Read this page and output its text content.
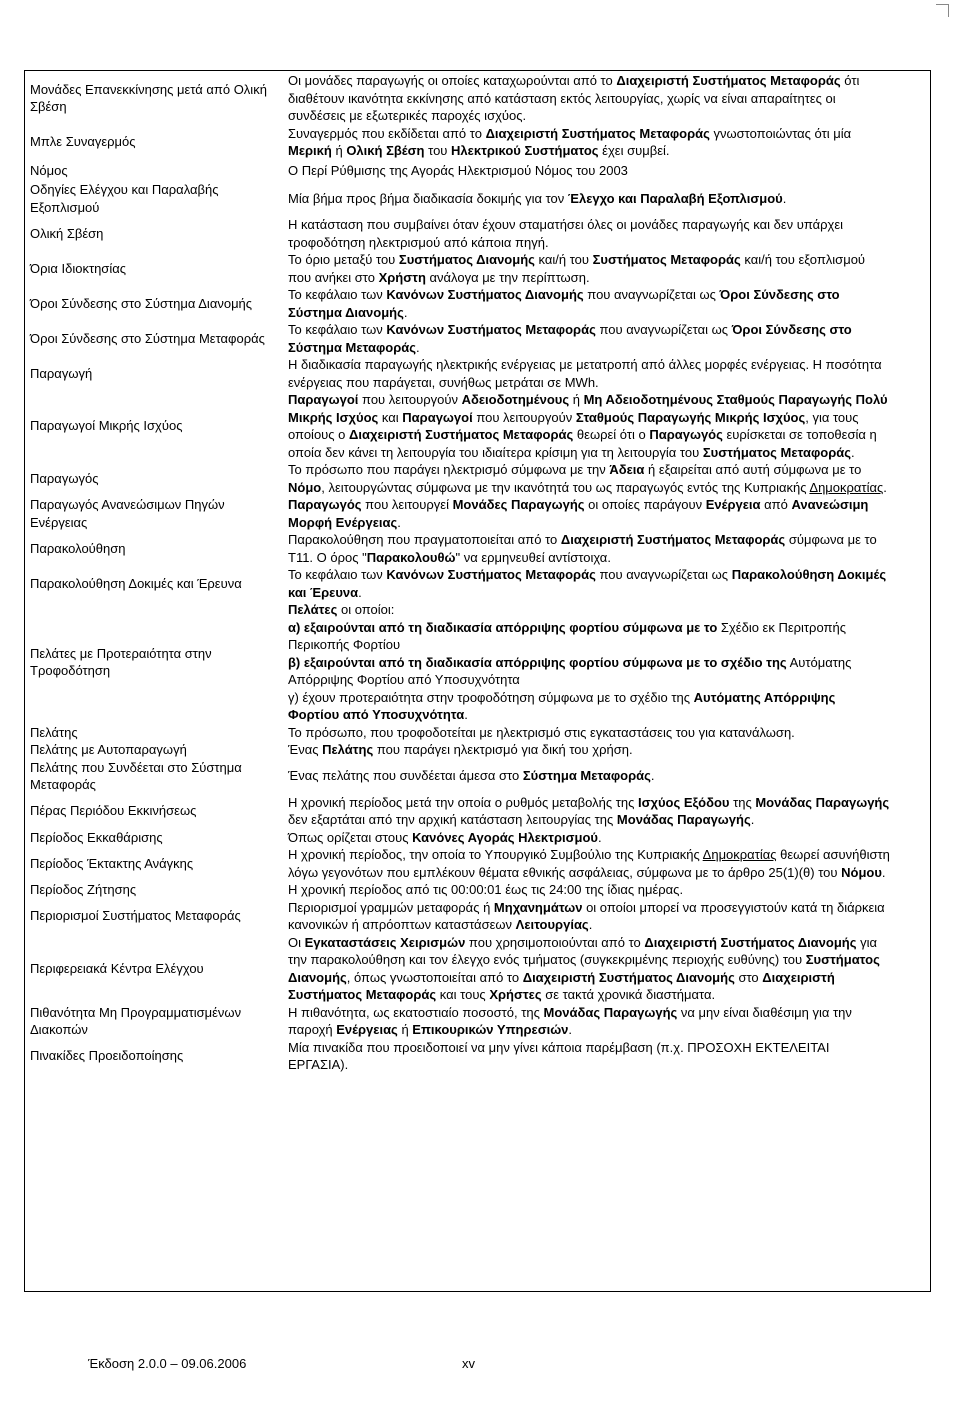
Μονάδες Επανεκκίνησης μετά από Ολική Σβέση	Οι μονάδες παραγωγής οι οποίες καταχωρούνται από το Διαχειριστή Συστήματος Μεταφοράς ότι διαθέτουν ικανότητα εκκίνησης από κατάσταση εκτός λειτουργίας, χωρίς να είναι απαραίτητες οι συνδέσεις με εξωτερικές παροχές ισχύος.
Μπλε Συναγερμός	Συναγερμός που εκδίδεται από το Διαχειριστή Συστήματος Μεταφοράς γνωστοποιώντας ότι μία Μερική ή Ολική Σβέση του Ηλεκτρικού Συστήματος έχει συμβεί.
Νόμος	Ο Περί Ρύθμισης της Αγοράς Ηλεκτρισμού Νόμος του 2003
Οδηγίες Ελέγχου και Παραλαβής Εξοπλισμού	Μία βήμα προς βήμα διαδικασία δοκιμής για τον Έλεγχο και Παραλαβή Εξοπλισμού.
Ολική Σβέση	Η κατάσταση που συμβαίνει όταν έχουν σταματήσει όλες οι μονάδες παραγωγής και δεν υπάρχει τροφοδότηση ηλεκτρισμού από κάποια πηγή.
Όρια Ιδιοκτησίας	Το όριο μεταξύ του Συστήματος Διανομής και/ή του Συστήματος Μεταφοράς και/ή του εξοπλισμού που ανήκει στο Χρήστη ανάλογα με την περίπτωση.
Όροι Σύνδεσης στο Σύστημα Διανομής	Το κεφάλαιο των Κανόνων Συστήματος Διανομής που αναγνωρίζεται ως Όροι Σύνδεσης στο Σύστημα Διανομής.
Όροι Σύνδεσης στο Σύστημα Μεταφοράς	Το κεφάλαιο των Κανόνων Συστήματος Μεταφοράς που αναγνωρίζεται ως Όροι Σύνδεσης στο Σύστημα Μεταφοράς.
Παραγωγή	Η διαδικασία παραγωγής ηλεκτρικής ενέργειας με μετατροπή από άλλες μορφές ενέργειας. Η ποσότητα ενέργειας που παράγεται, συνήθως μετράται σε MWh.
Παραγωγοί Μικρής Ισχύος	Παραγωγοί που λειτουργούν Αδειοδοτημένους ή Μη Αδειοδοτημένους Σταθμούς Παραγωγής Πολύ Μικρής Ισχύος και Παραγωγοί που λειτουργούν Σταθμούς Παραγωγής Μικρής Ισχύος, για τους οποίους ο Διαχειριστή Συστήματος Μεταφοράς θεωρεί ότι ο Παραγωγός ευρίσκεται σε τοποθεσία η οποία δεν κάνει τη λειτουργία του ιδιαίτερα κρίσιμη για τη λειτουργία του Συστήματος Μεταφοράς.
Παραγωγός	Το πρόσωπο που παράγει ηλεκτρισμό σύμφωνα με την Άδεια ή εξαιρείται από αυτή σύμφωνα με το Νόμο, λειτουργώντας σύμφωνα με την ικανότητά του ως παραγωγός εντός της Κυπριακής Δημοκρατίας.
Παραγωγός Ανανεώσιμων Πηγών Ενέργειας	Παραγωγός που λειτουργεί Μονάδες Παραγωγής οι οποίες παράγουν Ενέργεια από Ανανεώσιμη Μορφή Ενέργειας.
Παρακολούθηση	Παρακολούθηση που πραγματοποιείται από το Διαχειριστή Συστήματος Μεταφοράς σύμφωνα με το Τ11. Ο όρος "Παρακολουθώ" να ερμηνευθεί αντίστοιχα.
Παρακολούθηση Δοκιμές και Έρευνα	Το κεφάλαιο των Κανόνων Συστήματος Μεταφοράς που αναγνωρίζεται ως Παρακολούθηση Δοκιμές και Έρευνα.
Πελάτες με Προτεραιότητα στην Τροφοδότηση	Πελάτες οι οποίοι:
α) εξαιρούνται από τη διαδικασία απόρριψης φορτίου σύμφωνα με το Σχέδιο εκ Περιτροπής Περικοπής Φορτίου
β) εξαιρούνται από τη διαδικασία απόρριψης φορτίου σύμφωνα με το σχέδιο της Αυτόματης Απόρριψης Φορτίου από Υποσυχνότητα
γ) έχουν προτεραιότητα στην τροφοδότηση σύμφωνα με το σχέδιο της Αυτόματης Απόρριψης Φορτίου από Υποσυχνότητα.
Πελάτης	Το πρόσωπο, που τροφοδοτείται με ηλεκτρισμό στις εγκαταστάσεις του για κατανάλωση.
Πελάτης με Αυτοπαραγωγή	Ένας Πελάτης που παράγει ηλεκτρισμό για δική του χρήση.
Πελάτης που Συνδέεται στο Σύστημα Μεταφοράς	Ένας πελάτης που συνδέεται άμεσα στο Σύστημα Μεταφοράς.
Πέρας Περιόδου Εκκινήσεως	Η χρονική περίοδος μετά την οποία ο ρυθμός μεταβολής της Ισχύος Εξόδου της Μονάδας Παραγωγής δεν εξαρτάται από την αρχική κατάσταση λειτουργίας της Μονάδας Παραγωγής.
Περίοδος Εκκαθάρισης	Όπως ορίζεται στους Κανόνες Αγοράς Ηλεκτρισμού.
Περίοδος Έκτακτης Ανάγκης	Η χρονική περίοδος, την οποία το Υπουργικό Συμβούλιο της Κυπριακής Δημοκρατίας θεωρεί ασυνήθιστη λόγω γεγονότων που εμπλέκουν θέματα εθνικής ασφάλειας, σύμφωνα με το άρθρο 25(1)(θ) του Νόμου.
Περίοδος Ζήτησης	Η χρονική περίοδος από τις 00:00:01 έως τις 24:00 της ίδιας ημέρας.
Περιορισμοί Συστήματος Μεταφοράς	Περιορισμοί γραμμών μεταφοράς ή Μηχανημάτων οι οποίοι μπορεί να προσεγγιστούν κατά τη διάρκεια κανονικών ή απρόοπτων καταστάσεων Λειτουργίας.
Περιφερειακά Κέντρα Ελέγχου	Οι Εγκαταστάσεις Χειρισμών που χρησιμοποιούνται από το Διαχειριστή Συστήματος Διανομής για την παρακολούθηση και τον έλεγχο ενός τμήματος (συγκεκριμένης περιοχής ευθύνης) του Συστήματος Διανομής, όπως γνωστοποιείται από το Διαχειριστή Συστήματος Διανομής στο Διαχειριστή Συστήματος Μεταφοράς και τους Χρήστες σε τακτά χρονικά διαστήματα.
Πιθανότητα Μη Προγραμματισμένων Διακοπών	Η πιθανότητα, ως εκατοστιαίο ποσοστό, της Μονάδας Παραγωγής να μην είναι διαθέσιμη για την παροχή Ενέργειας ή Επικουρικών Υπηρεσιών.
Πινακίδες Προειδοποίησης	Μία πινακίδα που προειδοποιεί να μην γίνει κάποια παρέμβαση (π.χ. ΠΡΟΣΟΧΗ ΕΚΤΕΛΕΙΤΑΙ ΕΡΓΑΣΙΑ).
Έκδοση 2.0.0 – 09.06.2006	xv
